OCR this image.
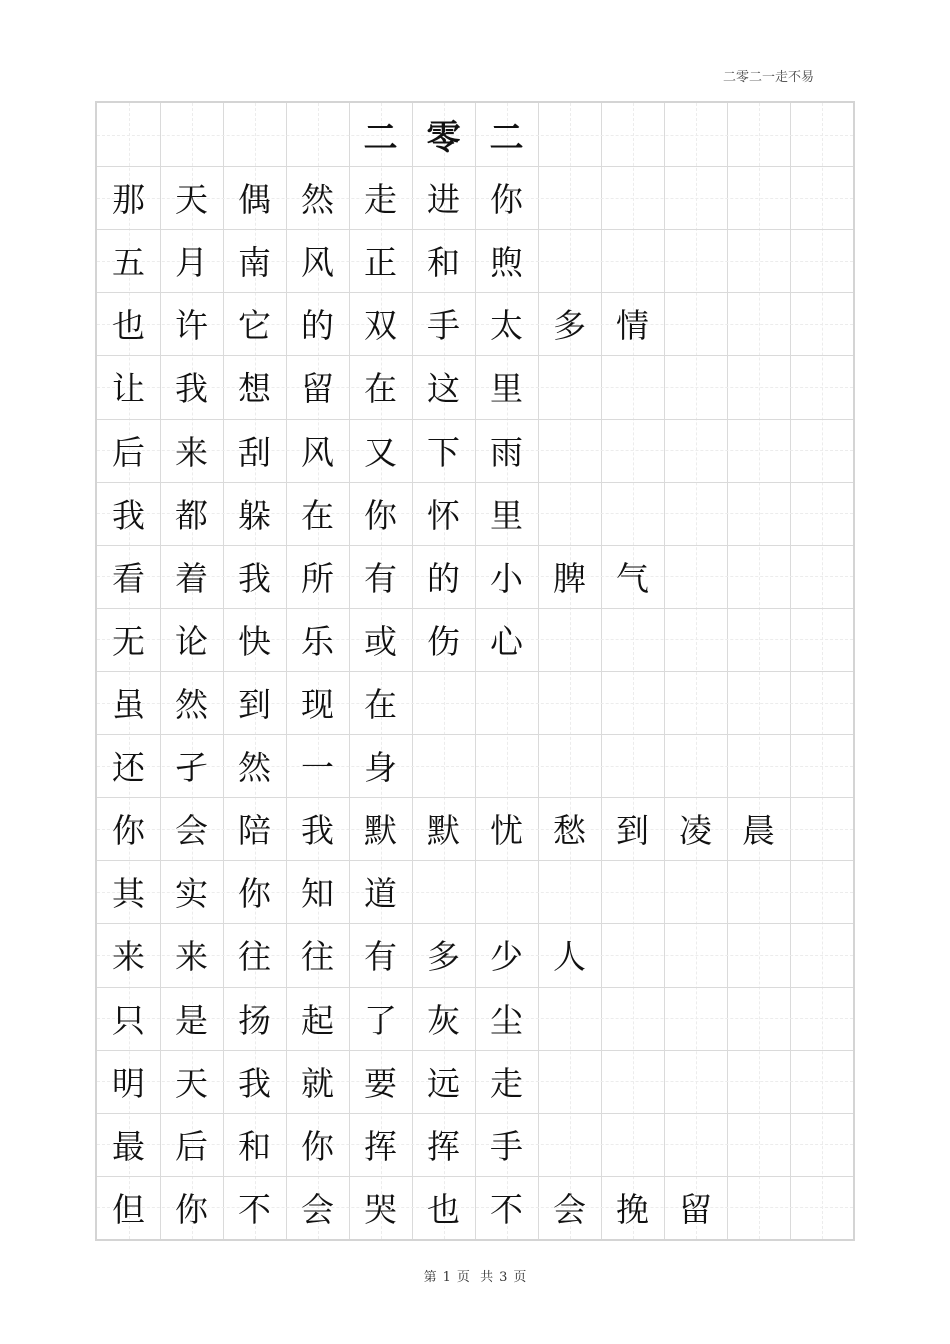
二零二一走不易
二 零 二
那 天 偶 然 走 进 你
五 月 南 风 正 和 煦
也 许 它 的 双 手 太 多 情
让 我 想 留 在 这 里
后 来 刮 风 又 下 雨
我 都 躲 在 你 怀 里
看 着 我 所 有 的 小 脾 气
无 论 快 乐 或 伤 心
虽 然 到 现 在
还 孑 然 一 身
你 会 陪 我 默 默 忧 愁 到 凌 晨
其 实 你 知 道
来 来 往 往 有 多 少 人
只 是 扬 起 了 灰 尘
明 天 我 就 要 远 走
最 后 和 你 挥 挥 手
但 你 不 会 哭 也 不 会 挽 留
第 1 页 共 3 页
